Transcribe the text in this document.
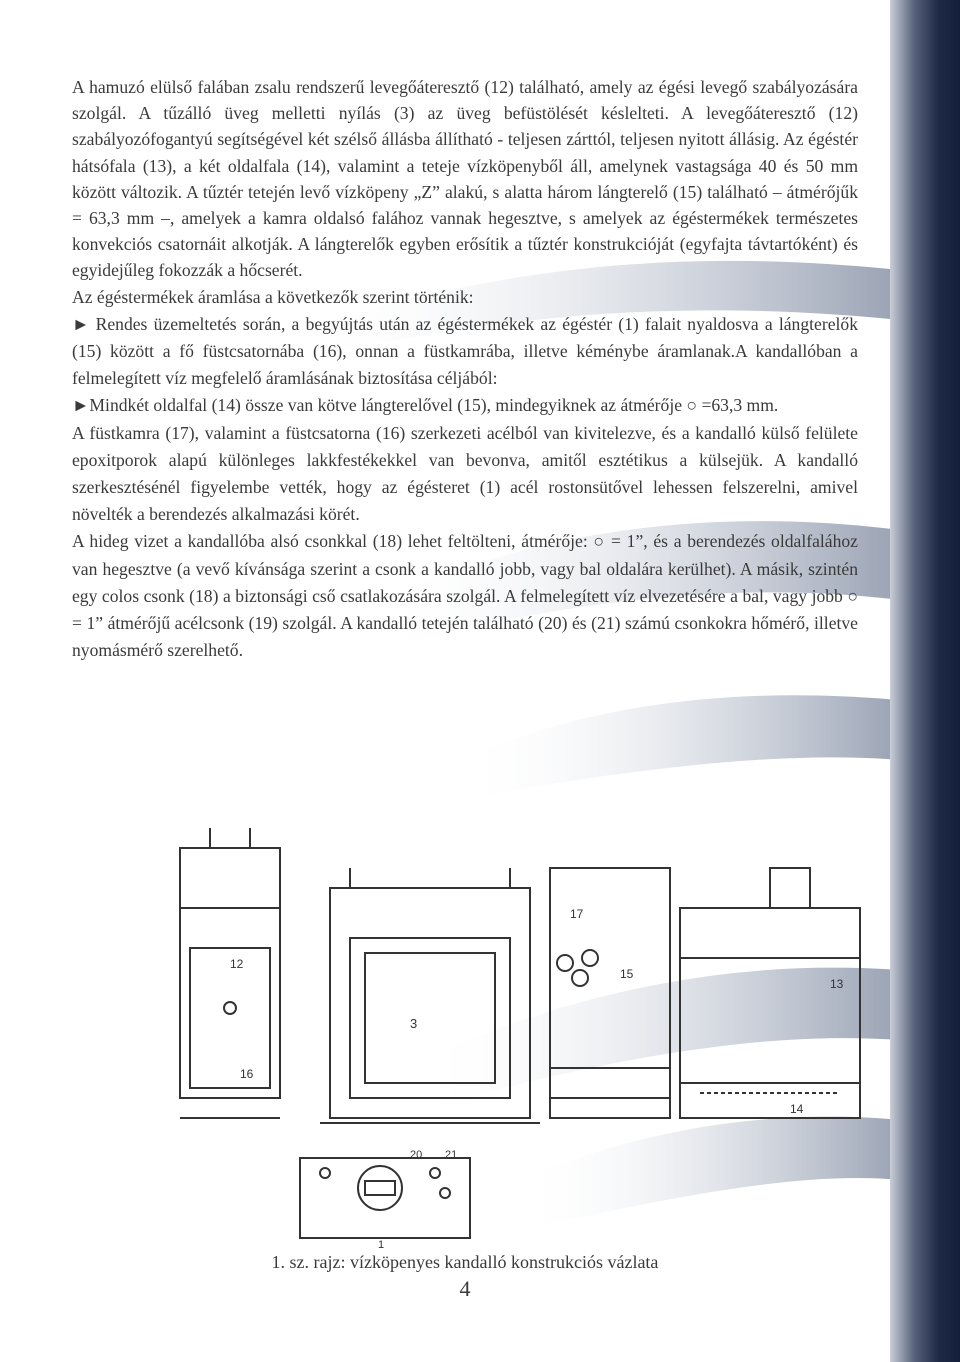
A hamuzó elülső falában zsalu rendszerű levegőáteresztő (12) található, amely az égési levegő szabályozására szolgál. A tűzálló üveg melletti nyílás (3) az üveg befüstölését késlelteti. A levegőáteresztő (12) szabályozófogantyú segítségével két szélső állásba állítható - teljesen zárttól, teljesen nyitott állásig. Az égéstér hátsófala (13), a két oldalfala (14), valamint a teteje vízköpenyből áll, amelynek vastagsága 40 és 50 mm között változik. A tűztér tetején levő vízköpeny „Z” alakú, s alatta három lángterelő (15) található – átmérőjűk = 63,3 mm –, amelyek a kamra oldalsó falához vannak hegesztve, s amelyek az égéstermékek természetes konvekciós csatornáit alkotják. A lángterelők egyben erősítik a tűztér konstrukcióját (egyfajta távtartóként) és egyidejűleg fokozzák a hőcserét.

Az égéstermékek áramlása a következők szerint történik:

► Rendes üzemeltetés során, a begyújtás után az égéstermékek az égéstér (1) falait nyaldosva a lángterelők (15) között a fő füstcsatornába (16), onnan a füstkamrába, illetve kéménybe áramlanak.A kandallóban a felmelegített víz megfelelő áramlásának biztosítása céljából:

►Mindkét oldalfal (14) össze van kötve lángterelővel (15), mindegyiknek az átmérője ○ =63,3 mm.

A füstkamra (17), valamint a füstcsatorna (16) szerkezeti acélból van kivitelezve, és a kandalló külső felülete epoxitporok alapú különleges lakkfestékekkel van bevonva, amitől esztétikus a külsejük. A kandalló szerkesztésénél figyelembe vették, hogy az égésteret (1) acél rostonsütővel lehessen felszerelni, amivel növelték a berendezés alkalmazási körét.

A hideg vizet a kandallóba alsó csonkkal (18) lehet feltölteni, átmérője: ○ = 1”, és a berendezés oldalfalához van hegesztve (a vevő kívánsága szerint a csonk a kandalló jobb, vagy bal oldalára kerülhet). A másik, szintén egy colos csonk (18) a biztonsági cső csatlakozására szolgál. A felmelegített víz elvezetésére a bal, vagy jobb ○ = 1” átmérőjű acélcsonk (19) szolgál. A kandalló tetején található (20) és (21) számú csonkokra hőmérő, illetve nyomásmérő szerelhető.

16
12
3
17
15
14
13
20 21
1
1. sz. rajz: vízköpenyes kandalló konstrukciós vázlata
4
